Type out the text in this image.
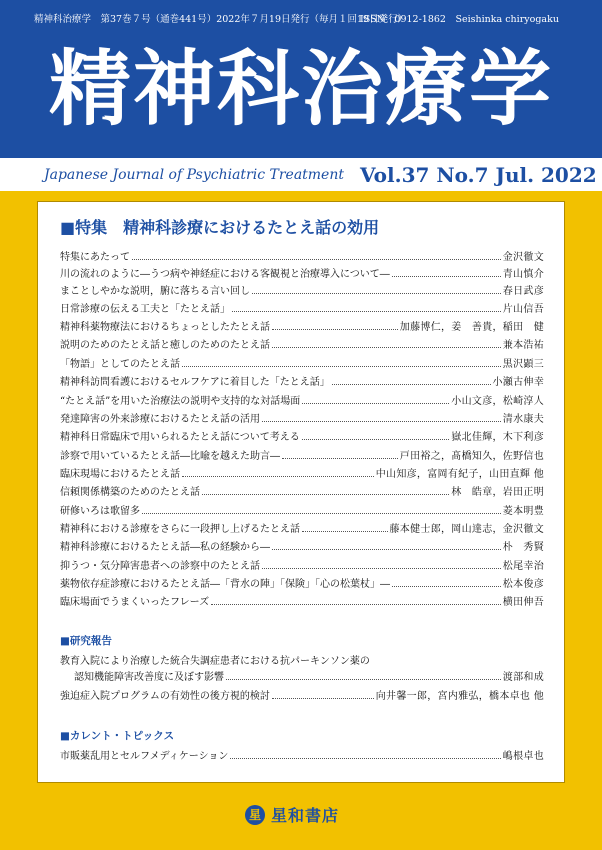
精神科治療学　第37巻７号（通巻441号）2022年７月19日発行（毎月１回19日発行）
ISSN　0912-1862　Seishinka chiryogaku
精神科治療学
Japanese Journal of Psychiatric Treatment Vol.37 No.7 Jul. 2022
■特集　精神科診療におけるたとえ話の効用
特集にあたって	金沢徹文
川の流れのように―うつ病や神経症における客観視と治療導入について―	青山慎介
まことしやかな説明，腑に落ちる言い回し	春日武彦
日常診療の伝える工夫と「たとえ話」	片山信吾
精神科薬物療法におけるちょっとしたたとえ話	加藤博仁，姜　善貴，稲田　健
説明のためのたとえ話と癒しのためのたとえ話	兼本浩祐
「物語」としてのたとえ話	黒沢顕三
精神科訪問看護におけるセルフケアに着目した「たとえ話」	小瀬古伸幸
“たとえ話”を用いた治療法の説明や支持的な対話場面	小山文彦，松崎淳人
発達障害の外来診療におけるたとえ話の活用	清水康夫
精神科日常臨床で用いられるたとえ話について考える	嶽北佳輝，木下利彦
診察で用いているたとえ話―比喩を越えた助言―	戸田裕之，髙橋知久，佐野信也
臨床現場におけるたとえ話	中山知彦，富岡有紀子，山田直輝 他
信頼関係構築のためのたとえ話	林　皓章，岩田正明
研修いろは歌留多	菱本明豊
精神科における診療をさらに一段押し上げるたとえ話	藤本健士郎，岡山達志，金沢徹文
精神科診療におけるたとえ話―私の経験から―	朴　秀賢
抑うつ・気分障害患者への診察中のたとえ話	松尾幸治
薬物依存症診療におけるたとえ話―「背水の陣」「保険」「心の松葉杖」―	松本俊彦
臨床場面でうまくいったフレーズ	横田伸吾
■研究報告
教育入院により治療した統合失調症患者における抗パーキンソン薬の
認知機能障害改善度に及ぼす影響	渡部和成
強迫症入院プログラムの有効性の後方視的検討	向井馨一郎，宮内雅弘，橋本卓也 他
■カレント・トピックス
市販薬乱用とセルフメディケーション	嶋根卓也
星 星和書店
